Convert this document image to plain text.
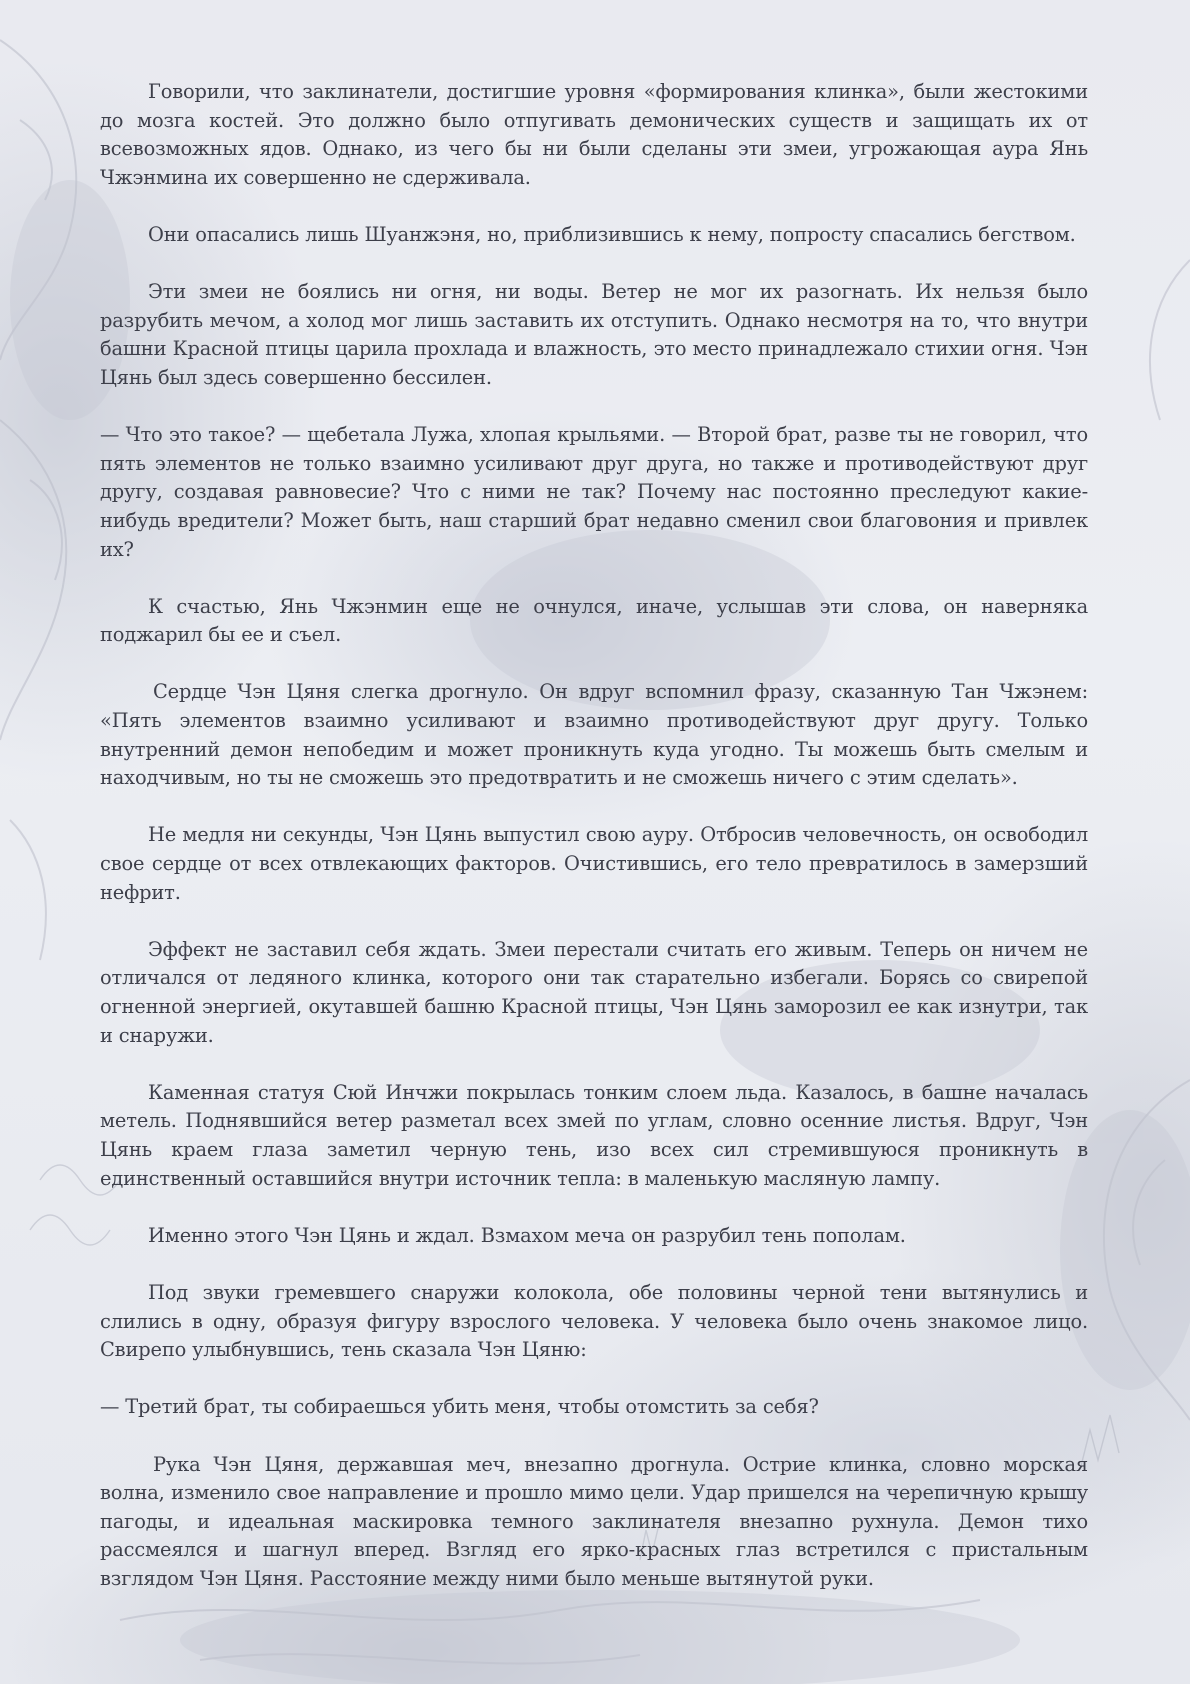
Говорили, что заклинатели, достигшие уровня «формирования клинка», были жестокими до мозга костей. Это должно было отпугивать демонических существ и защищать их от всевозможных ядов. Однако, из чего бы ни были сделаны эти змеи, угрожающая аура Янь Чжэнмина их совершенно не сдерживала.

Они опасались лишь Шуанжэня, но, приблизившись к нему, попросту спасались бегством.

Эти змеи не боялись ни огня, ни воды. Ветер не мог их разогнать. Их нельзя было разрубить мечом, а холод мог лишь заставить их отступить. Однако несмотря на то, что внутри башни Красной птицы царила прохлада и влажность, это место принадлежало стихии огня. Чэн Цянь был здесь совершенно бессилен.

— Что это такое? — щебетала Лужа, хлопая крыльями. — Второй брат, разве ты не говорил, что пять элементов не только взаимно усиливают друг друга, но также и противодействуют друг другу, создавая равновесие? Что с ними не так? Почему нас постоянно преследуют какие-нибудь вредители? Может быть, наш старший брат недавно сменил свои благовония и привлек их?

К счастью, Янь Чжэнмин еще не очнулся, иначе, услышав эти слова, он наверняка поджарил бы ее и съел.

Сердце Чэн Цяня слегка дрогнуло. Он вдруг вспомнил фразу, сказанную Тан Чжэнем: «Пять элементов взаимно усиливают и взаимно противодействуют друг другу. Только внутренний демон непобедим и может проникнуть куда угодно. Ты можешь быть смелым и находчивым, но ты не сможешь это предотвратить и не сможешь ничего с этим сделать».

Не медля ни секунды, Чэн Цянь выпустил свою ауру. Отбросив человечность, он освободил свое сердце от всех отвлекающих факторов. Очистившись, его тело превратилось в замерзший нефрит.

Эффект не заставил себя ждать. Змеи перестали считать его живым. Теперь он ничем не отличался от ледяного клинка, которого они так старательно избегали. Борясь со свирепой огненной энергией, окутавшей башню Красной птицы, Чэн Цянь заморозил ее как изнутри, так и снаружи.

Каменная статуя Сюй Инчжи покрылась тонким слоем льда. Казалось, в башне началась метель. Поднявшийся ветер разметал всех змей по углам, словно осенние листья. Вдруг, Чэн Цянь краем глаза заметил черную тень, изо всех сил стремившуюся проникнуть в единственный оставшийся внутри источник тепла: в маленькую масляную лампу.

Именно этого Чэн Цянь и ждал. Взмахом меча он разрубил тень пополам.

Под звуки гремевшего снаружи колокола, обе половины черной тени вытянулись и слились в одну, образуя фигуру взрослого человека. У человека было очень знакомое лицо. Свирепо улыбнувшись, тень сказала Чэн Цяню:

— Третий брат, ты собираешься убить меня, чтобы отомстить за себя?

Рука Чэн Цяня, державшая меч, внезапно дрогнула. Острие клинка, словно морская волна, изменило свое направление и прошло мимо цели. Удар пришелся на черепичную крышу пагоды, и идеальная маскировка темного заклинателя внезапно рухнула. Демон тихо рассмеялся и шагнул вперед. Взгляд его ярко-красных глаз встретился с пристальным взглядом Чэн Цяня. Расстояние между ними было меньше вытянутой руки.
